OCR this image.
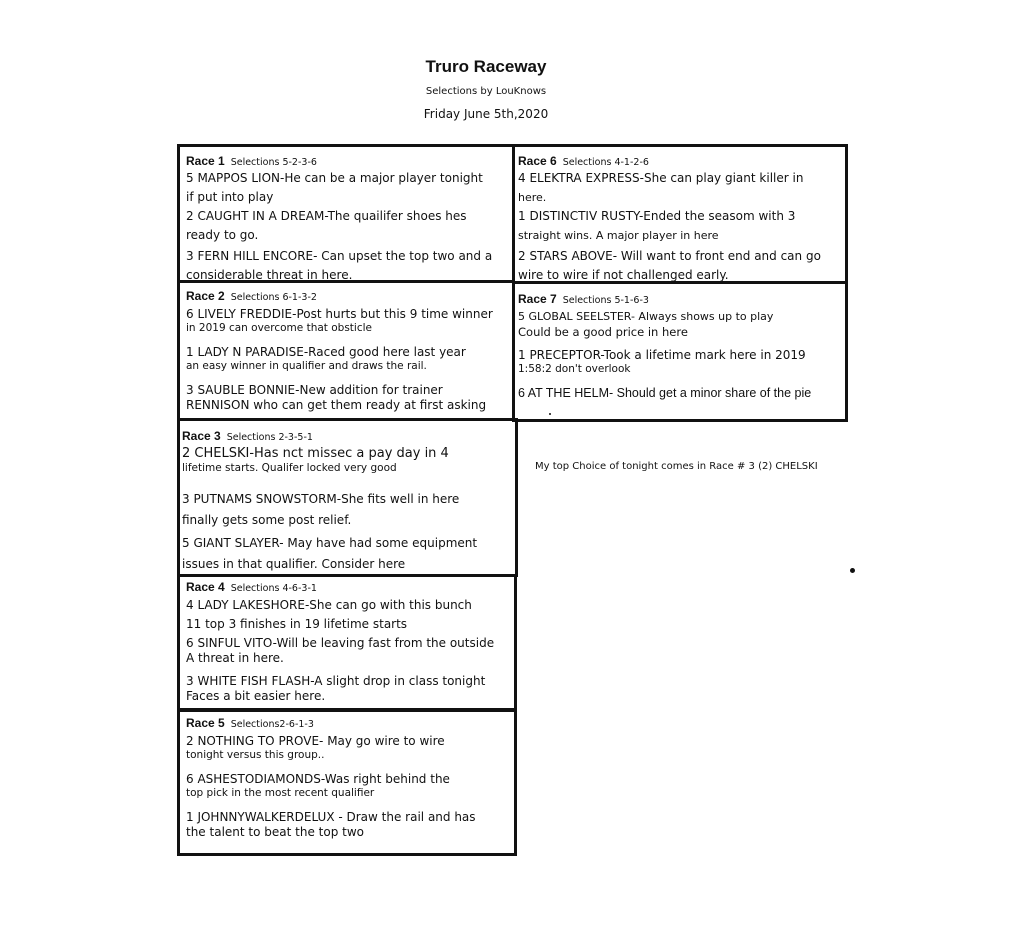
Truro Raceway
Selections by LouKnows
Friday June 5th,2020
Race 1 Selections 5-2-3-6
5 MAPPOS LION-He can be a major player tonight
if put into play
2 CAUGHT IN A DREAM-The quailifer shoes hes
ready to go.
3 FERN HILL ENCORE- Can upset the top two and a
considerable threat in here.
Race 2 Selections 6-1-3-2
6 LIVELY FREDDIE-Post hurts but this 9 time winner
in 2019 can overcome that obsticle
1 LADY N PARADISE-Raced good here last year
an easy winner in qualifier and draws the rail.
3 SAUBLE BONNIE-New addition for trainer
RENNISON who can get them ready at first asking
Race 3 Selections 2-3-5-1
2 CHELSKI-Has nct missec a pay day in 4
lifetime starts. Qualifer locked very good
3 PUTNAMS SNOWSTORM-She fits well in here
finally gets some post relief.
5 GIANT SLAYER- May have had some equipment
issues in that qualifier. Consider here
Race 4 Selections 4-6-3-1
4 LADY LAKESHORE-She can go with this bunch
11 top 3 finishes in 19 lifetime starts
6 SINFUL VITO-Will be leaving fast from the outside
A threat in here.
3 WHITE FISH FLASH-A slight drop in class tonight
Faces a bit easier here.
Race 5 Selections2-6-1-3
2 NOTHING TO PROVE- May go wire to wire
tonight versus this group..
6 ASHESTODIAMONDS-Was right behind the
top pick in the most recent qualifier
1 JOHNNYWALKERDELUX - Draw the rail and has
the talent to beat the top two
Race 6 Selections 4-1-2-6
4 ELEKTRA EXPRESS-She can play giant killer in
here.
1 DISTINCTIV RUSTY-Ended the seasom with 3
straight wins. A major player in here
2 STARS ABOVE- Will want to front end and can go
wire to wire if not challenged early.
Race 7 Selections 5-1-6-3
5 GLOBAL SEELSTER- Always shows up to play
Could be a good price in here
1 PRECEPTOR-Took a lifetime mark here in 2019
1:58:2 don't overlook
6 AT THE HELM- Should get a minor share of the pie
My top Choice of tonight comes in Race # 3 (2) CHELSKI
